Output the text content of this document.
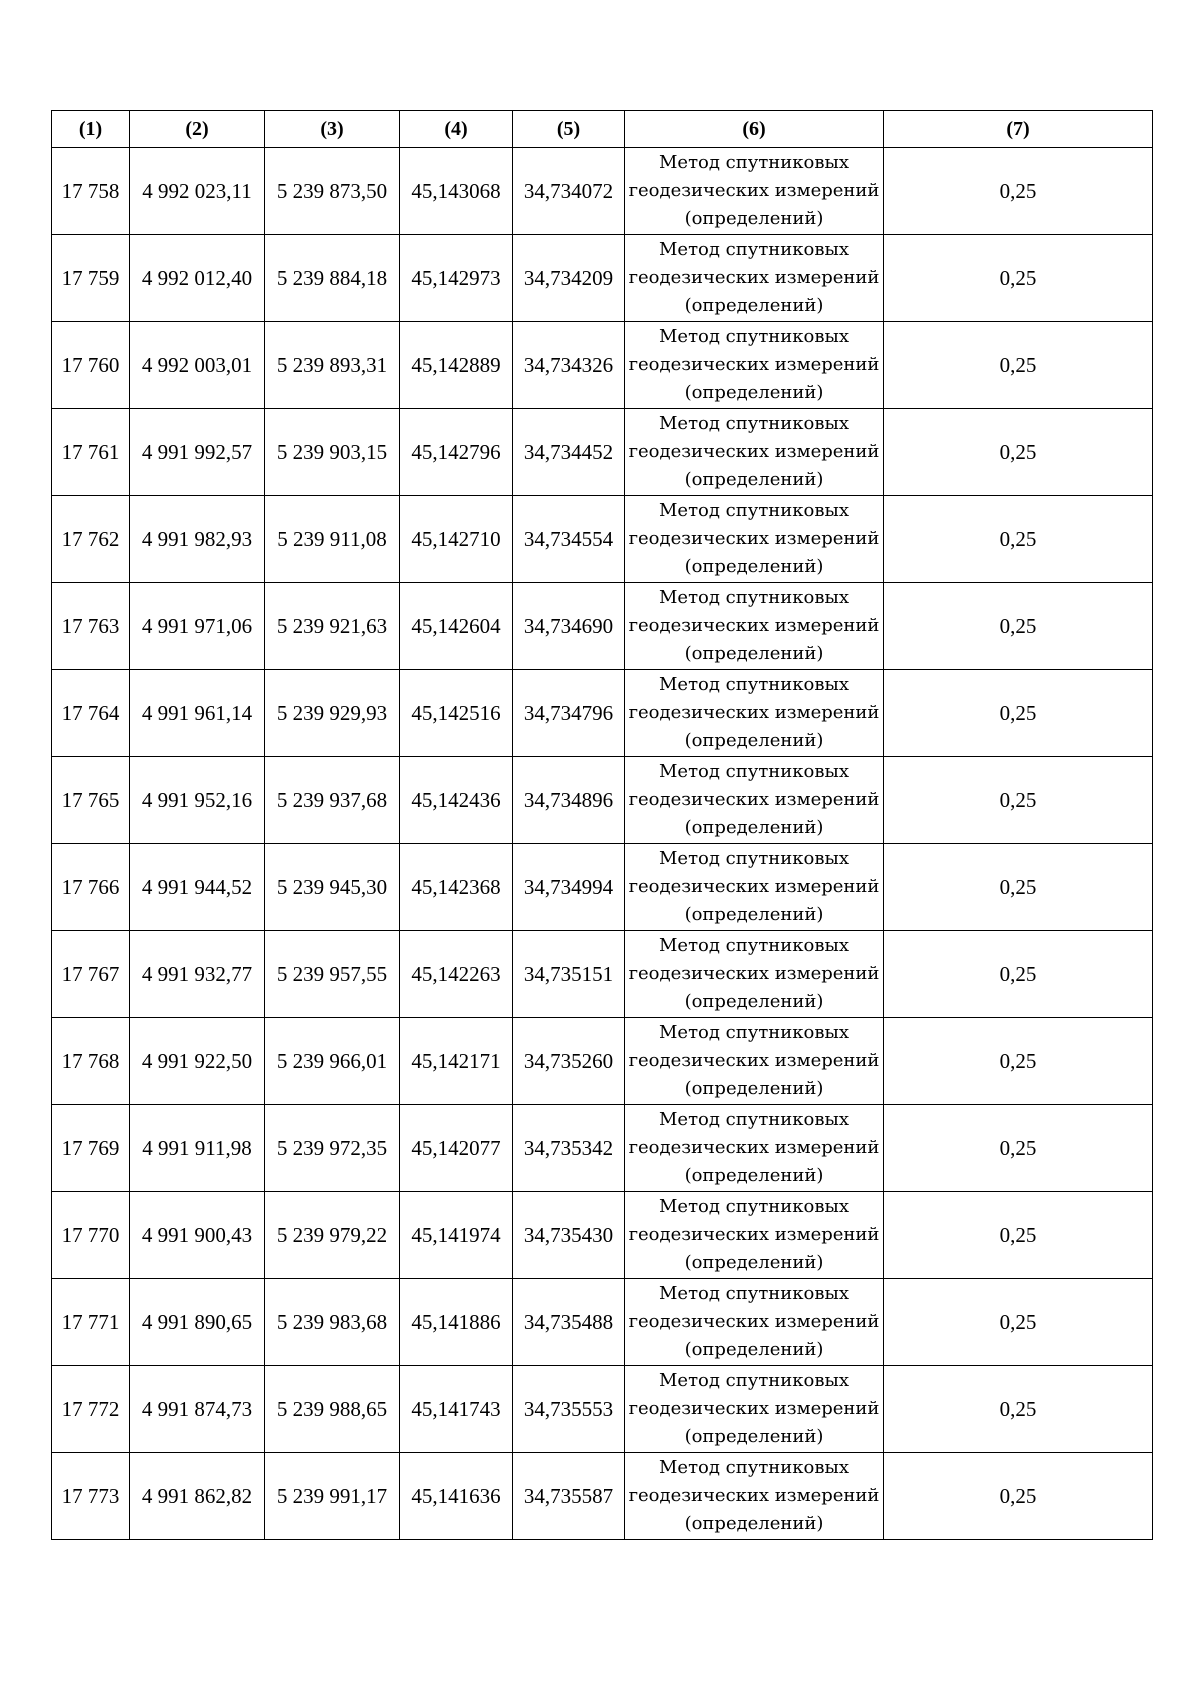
(1)	(2)	(3)	(4)	(5)	(6)	(7)
17 758	4 992 023,11	5 239 873,50	45,143068	34,734072	Метод спутниковых
геодезических измерений
(определений)	0,25
17 759	4 992 012,40	5 239 884,18	45,142973	34,734209	Метод спутниковых
геодезических измерений
(определений)	0,25
17 760	4 992 003,01	5 239 893,31	45,142889	34,734326	Метод спутниковых
геодезических измерений
(определений)	0,25
17 761	4 991 992,57	5 239 903,15	45,142796	34,734452	Метод спутниковых
геодезических измерений
(определений)	0,25
17 762	4 991 982,93	5 239 911,08	45,142710	34,734554	Метод спутниковых
геодезических измерений
(определений)	0,25
17 763	4 991 971,06	5 239 921,63	45,142604	34,734690	Метод спутниковых
геодезических измерений
(определений)	0,25
17 764	4 991 961,14	5 239 929,93	45,142516	34,734796	Метод спутниковых
геодезических измерений
(определений)	0,25
17 765	4 991 952,16	5 239 937,68	45,142436	34,734896	Метод спутниковых
геодезических измерений
(определений)	0,25
17 766	4 991 944,52	5 239 945,30	45,142368	34,734994	Метод спутниковых
геодезических измерений
(определений)	0,25
17 767	4 991 932,77	5 239 957,55	45,142263	34,735151	Метод спутниковых
геодезических измерений
(определений)	0,25
17 768	4 991 922,50	5 239 966,01	45,142171	34,735260	Метод спутниковых
геодезических измерений
(определений)	0,25
17 769	4 991 911,98	5 239 972,35	45,142077	34,735342	Метод спутниковых
геодезических измерений
(определений)	0,25
17 770	4 991 900,43	5 239 979,22	45,141974	34,735430	Метод спутниковых
геодезических измерений
(определений)	0,25
17 771	4 991 890,65	5 239 983,68	45,141886	34,735488	Метод спутниковых
геодезических измерений
(определений)	0,25
17 772	4 991 874,73	5 239 988,65	45,141743	34,735553	Метод спутниковых
геодезических измерений
(определений)	0,25
17 773	4 991 862,82	5 239 991,17	45,141636	34,735587	Метод спутниковых
геодезических измерений
(определений)	0,25
